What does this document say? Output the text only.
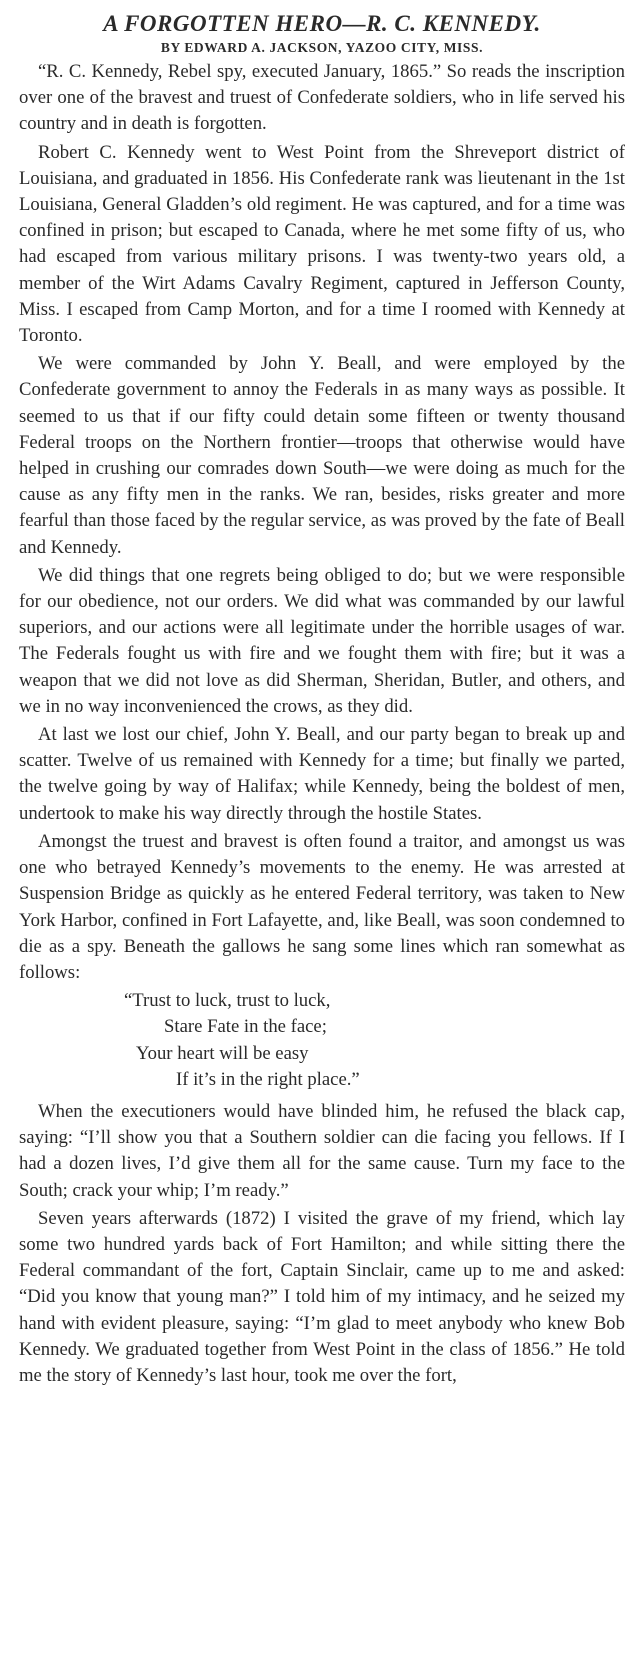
A FORGOTTEN HERO—R. C. KENNEDY.
BY EDWARD A. JACKSON, YAZOO CITY, MISS.

“R. C. Kennedy, Rebel spy, executed January, 1865.” So reads the inscription over one of the bravest and truest of Confederate soldiers, who in life served his country and in death is forgotten.

Robert C. Kennedy went to West Point from the Shreveport district of Louisiana, and graduated in 1856. His Confederate rank was lieutenant in the 1st Louisiana, General Gladden’s old regiment. He was captured, and for a time was confined in prison; but escaped to Canada, where he met some fifty of us, who had escaped from various military prisons. I was twenty-two years old, a member of the Wirt Adams Cavalry Regiment, captured in Jefferson County, Miss. I escaped from Camp Morton, and for a time I roomed with Kennedy at Toronto.

We were commanded by John Y. Beall, and were employed by the Confederate government to annoy the Federals in as many ways as possible. It seemed to us that if our fifty could detain some fifteen or twenty thousand Federal troops on the Northern frontier—troops that otherwise would have helped in crushing our comrades down South—we were doing as much for the cause as any fifty men in the ranks. We ran, besides, risks greater and more fearful than those faced by the regular service, as was proved by the fate of Beall and Kennedy.

We did things that one regrets being obliged to do; but we were responsible for our obedience, not our orders. We did what was commanded by our lawful superiors, and our actions were all legitimate under the horrible usages of war. The Federals fought us with fire and we fought them with fire; but it was a weapon that we did not love as did Sherman, Sheridan, Butler, and others, and we in no way inconvenienced the crows, as they did.

At last we lost our chief, John Y. Beall, and our party began to break up and scatter. Twelve of us remained with Kennedy for a time; but finally we parted, the twelve going by way of Halifax; while Kennedy, being the boldest of men, undertook to make his way directly through the hostile States.

Amongst the truest and bravest is often found a traitor, and amongst us was one who betrayed Kennedy’s movements to the enemy. He was arrested at Suspension Bridge as quickly as he entered Federal territory, was taken to New York Harbor, confined in Fort Lafayette, and, like Beall, was soon condemned to die as a spy. Beneath the gallows he sang some lines which ran somewhat as follows:

“Trust to luck, trust to luck,
Stare Fate in the face;
Your heart will be easy
If it’s in the right place.”

When the executioners would have blinded him, he refused the black cap, saying: “I’ll show you that a Southern soldier can die facing you fellows. If I had a dozen lives, I’d give them all for the same cause. Turn my face to the South; crack your whip; I’m ready.”

Seven years afterwards (1872) I visited the grave of my friend, which lay some two hundred yards back of Fort Hamilton; and while sitting there the Federal commandant of the fort, Captain Sinclair, came up to me and asked: “Did you know that young man?” I told him of my intimacy, and he seized my hand with evident pleasure, saying: “I’m glad to meet anybody who knew Bob Kennedy. We graduated together from West Point in the class of 1856.” He told me the story of Kennedy’s last hour, took me over the fort,
